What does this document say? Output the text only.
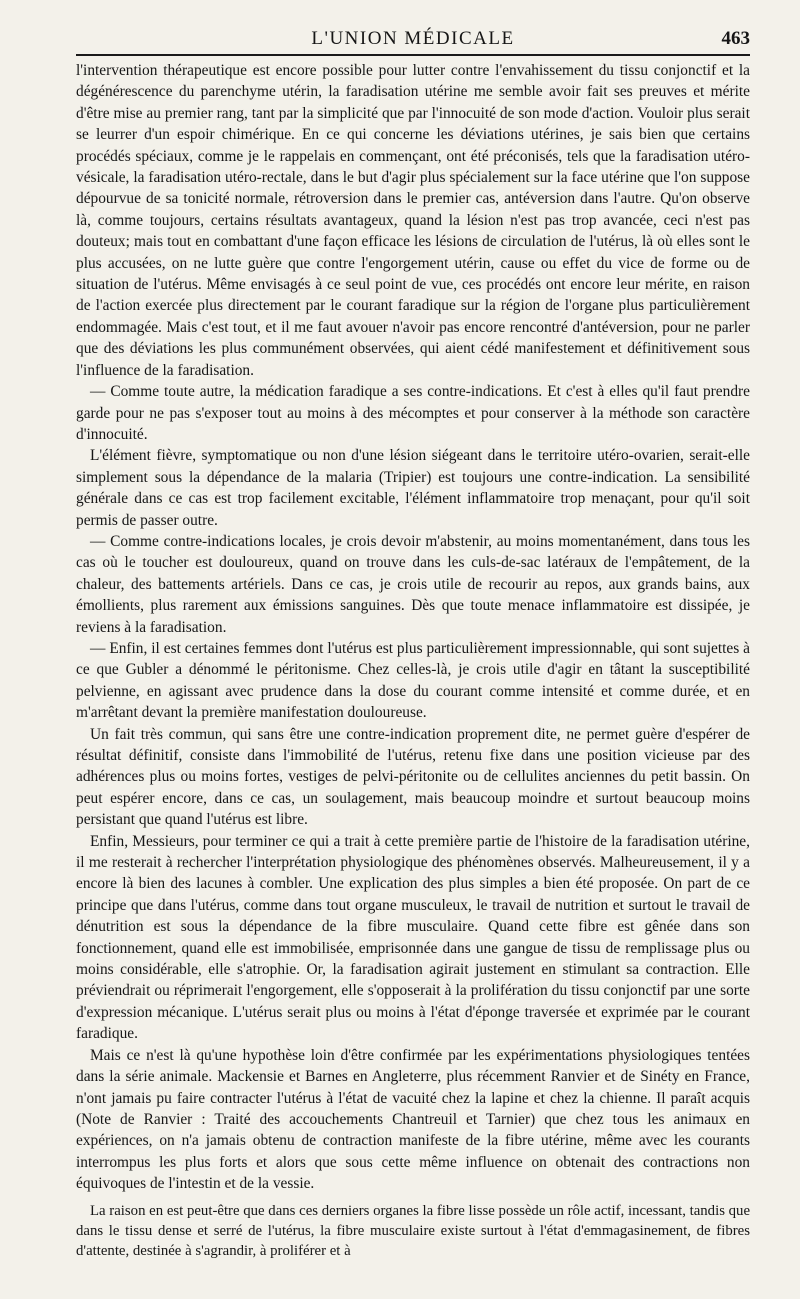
L'UNION MÉDICALE	463

l'intervention thérapeutique est encore possible pour lutter contre l'envahissement du tissu conjonctif et la dégénérescence du parenchyme utérin, la faradisation utérine me semble avoir fait ses preuves et mérite d'être mise au premier rang, tant par la simplicité que par l'innocuité de son mode d'action. Vouloir plus serait se leurrer d'un espoir chimérique. En ce qui concerne les déviations utérines, je sais bien que certains procédés spéciaux, comme je le rappelais en commençant, ont été préconisés, tels que la faradisation utéro-vésicale, la faradisation utéro-rectale, dans le but d'agir plus spécialement sur la face utérine que l'on suppose dépourvue de sa tonicité normale, rétroversion dans le premier cas, antéversion dans l'autre. Qu'on observe là, comme toujours, certains résultats avantageux, quand la lésion n'est pas trop avancée, ceci n'est pas douteux; mais tout en combattant d'une façon efficace les lésions de circulation de l'utérus, là où elles sont le plus accusées, on ne lutte guère que contre l'engorgement utérin, cause ou effet du vice de forme ou de situation de l'utérus. Même envisagés à ce seul point de vue, ces procédés ont encore leur mérite, en raison de l'action exercée plus directement par le courant faradique sur la région de l'organe plus particulièrement endommagée. Mais c'est tout, et il me faut avouer n'avoir pas encore rencontré d'antéversion, pour ne parler que des déviations les plus communément observées, qui aient cédé manifestement et définitivement sous l'influence de la faradisation.

— Comme toute autre, la médication faradique a ses contre-indications. Et c'est à elles qu'il faut prendre garde pour ne pas s'exposer tout au moins à des mécomptes et pour conserver à la méthode son caractère d'innocuité.

L'élément fièvre, symptomatique ou non d'une lésion siégeant dans le territoire utéro-ovarien, serait-elle simplement sous la dépendance de la malaria (Tripier) est toujours une contre-indication. La sensibilité générale dans ce cas est trop facilement excitable, l'élément inflammatoire trop menaçant, pour qu'il soit permis de passer outre.

— Comme contre-indications locales, je crois devoir m'abstenir, au moins momentanément, dans tous les cas où le toucher est douloureux, quand on trouve dans les culs-de-sac latéraux de l'empâtement, de la chaleur, des battements artériels. Dans ce cas, je crois utile de recourir au repos, aux grands bains, aux émollients, plus rarement aux émissions sanguines. Dès que toute menace inflammatoire est dissipée, je reviens à la faradisation.

— Enfin, il est certaines femmes dont l'utérus est plus particulièrement impressionnable, qui sont sujettes à ce que Gubler a dénommé le péritonisme. Chez celles-là, je crois utile d'agir en tâtant la susceptibilité pelvienne, en agissant avec prudence dans la dose du courant comme intensité et comme durée, et en m'arrêtant devant la première manifestation douloureuse.

Un fait très commun, qui sans être une contre-indication proprement dite, ne permet guère d'espérer de résultat définitif, consiste dans l'immobilité de l'utérus, retenu fixe dans une position vicieuse par des adhérences plus ou moins fortes, vestiges de pelvi-péritonite ou de cellulites anciennes du petit bassin. On peut espérer encore, dans ce cas, un soulagement, mais beaucoup moindre et surtout beaucoup moins persistant que quand l'utérus est libre.

Enfin, Messieurs, pour terminer ce qui a trait à cette première partie de l'histoire de la faradisation utérine, il me resterait à rechercher l'interprétation physiologique des phénomènes observés. Malheureusement, il y a encore là bien des lacunes à combler. Une explication des plus simples a bien été proposée. On part de ce principe que dans l'utérus, comme dans tout organe musculeux, le travail de nutrition et surtout le travail de dénutrition est sous la dépendance de la fibre musculaire. Quand cette fibre est gênée dans son fonctionnement, quand elle est immobilisée, emprisonnée dans une gangue de tissu de remplissage plus ou moins considérable, elle s'atrophie. Or, la faradisation agirait justement en stimulant sa contraction. Elle préviendrait ou réprimerait l'engorgement, elle s'opposerait à la prolifération du tissu conjonctif par une sorte d'expression mécanique. L'utérus serait plus ou moins à l'état d'éponge traversée et exprimée par le courant faradique.

Mais ce n'est là qu'une hypothèse loin d'être confirmée par les expérimentations physiologiques tentées dans la série animale. Mackensie et Barnes en Angleterre, plus récemment Ranvier et de Sinéty en France, n'ont jamais pu faire contracter l'utérus à l'état de vacuité chez la lapine et chez la chienne. Il paraît acquis (Note de Ranvier : Traité des accouchements Chantreuil et Tarnier) que chez tous les animaux en expériences, on n'a jamais obtenu de contraction manifeste de la fibre utérine, même avec les courants interrompus les plus forts et alors que sous cette même influence on obtenait des contractions non équivoques de l'intestin et de la vessie.

La raison en est peut-être que dans ces derniers organes la fibre lisse possède un rôle actif, incessant, tandis que dans le tissu dense et serré de l'utérus, la fibre musculaire existe surtout à l'état d'emmagasinement, de fibres d'attente, destinée à s'agrandir, à proliférer et à
